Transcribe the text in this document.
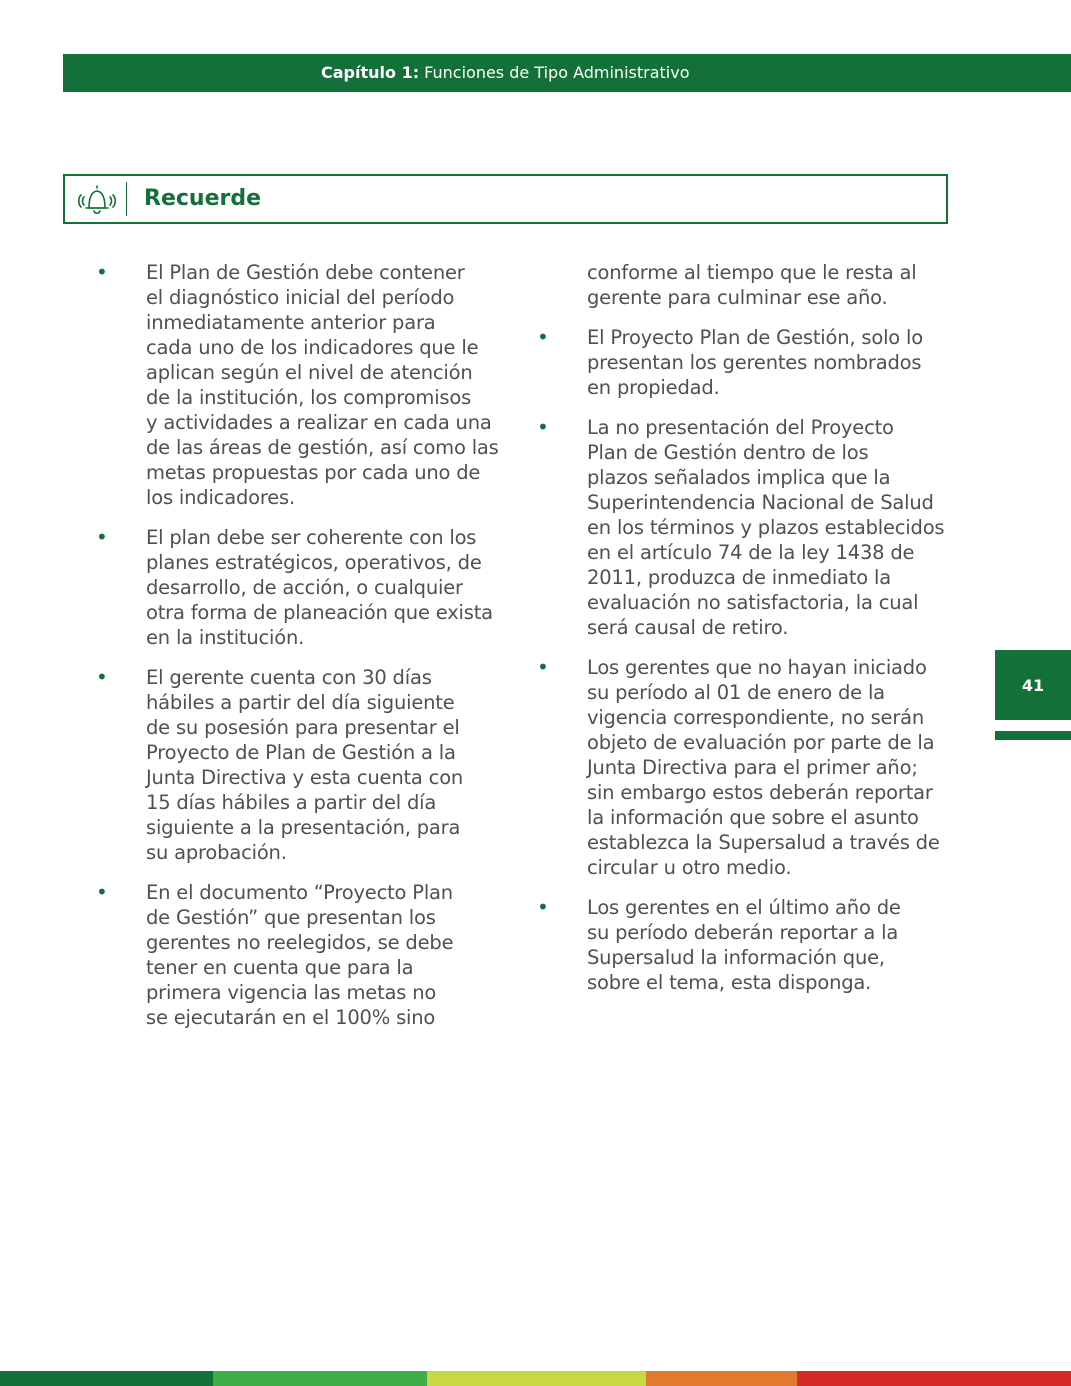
Capítulo 1: Funciones de Tipo Administrativo
Recuerde
• El Plan de Gestión debe contener
el diagnóstico inicial del período
inmediatamente anterior para
cada uno de los indicadores que le
aplican según el nivel de atención
de la institución, los compromisos
y actividades a realizar en cada una
de las áreas de gestión, así como las
metas propuestas por cada uno de
los indicadores.
• El plan debe ser coherente con los
planes estratégicos, operativos, de
desarrollo, de acción, o cualquier
otra forma de planeación que exista
en la institución.
• El gerente cuenta con 30 días
hábiles a partir del día siguiente
de su posesión para presentar el
Proyecto de Plan de Gestión a la
Junta Directiva y esta cuenta con
15 días hábiles a partir del día
siguiente a la presentación, para
su aprobación.
• En el documento “Proyecto Plan
de Gestión” que presentan los
gerentes no reelegidos, se debe
tener en cuenta que para la
primera vigencia las metas no
se ejecutarán en el 100% sino
conforme al tiempo que le resta al
gerente para culminar ese año.
• El Proyecto Plan de Gestión, solo lo
presentan los gerentes nombrados
en propiedad.
• La no presentación del Proyecto
Plan de Gestión dentro de los
plazos señalados implica que la
Superintendencia Nacional de Salud
en los términos y plazos establecidos
en el artículo 74 de la ley 1438 de
2011, produzca de inmediato la
evaluación no satisfactoria, la cual
será causal de retiro.
• Los gerentes que no hayan iniciado
su período al 01 de enero de la
vigencia correspondiente, no serán
objeto de evaluación por parte de la
Junta Directiva para el primer año;
sin embargo estos deberán reportar
la información que sobre el asunto
establezca la Supersalud a través de
circular u otro medio.
• Los gerentes en el último año de
su período deberán reportar a la
Supersalud la información que,
sobre el tema, esta disponga.
41
